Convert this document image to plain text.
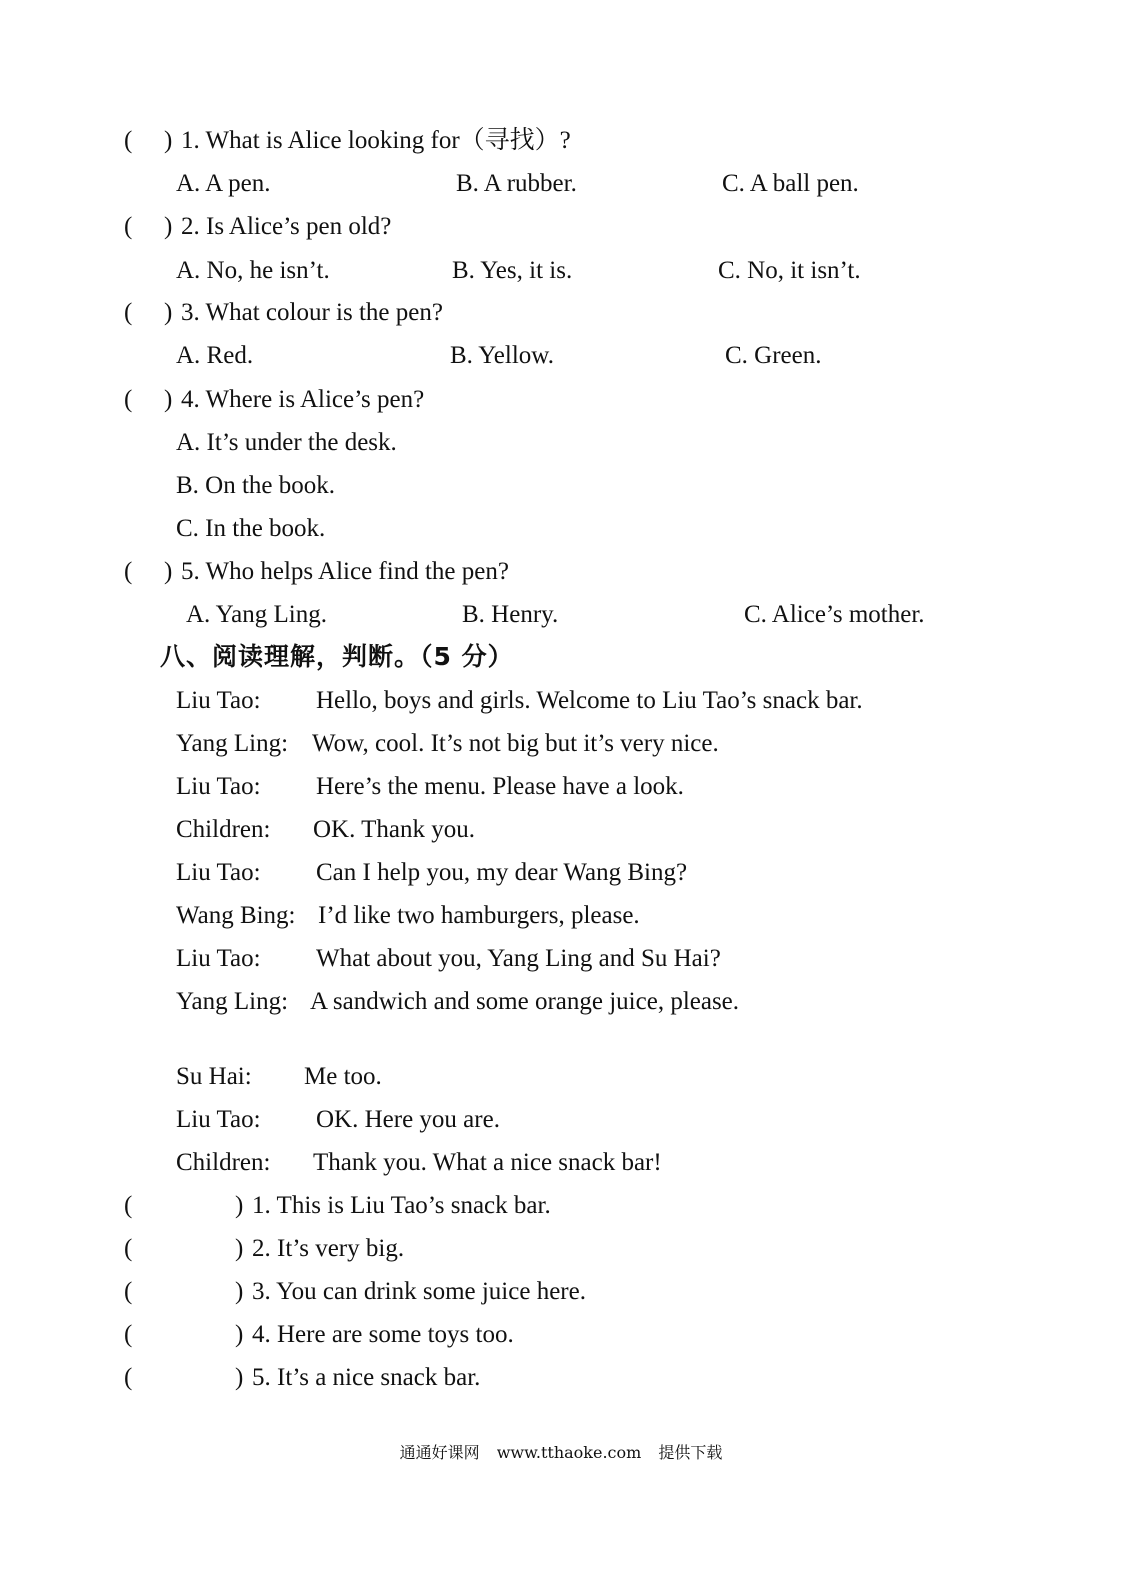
( ) 1. What is Alice looking for（寻找）?
A. A pen.	B. A rubber.	C. A ball pen.
( ) 2. Is Alice’s pen old?
A. No, he isn’t.	B. Yes, it is.	C. No, it isn’t.
( ) 3. What colour is the pen?
A. Red.	B. Yellow.	C. Green.
( ) 4. Where is Alice’s pen?
A. It’s under the desk.
B. On the book.
C. In the book.
( ) 5. Who helps Alice find the pen?
A. Yang Ling.	B. Henry.	C. Alice’s mother.
八、阅读理解，判断。（5 分）
Liu Tao: Hello, boys and girls. Welcome to Liu Tao’s snack bar.
Yang Ling: Wow, cool. It’s not big but it’s very nice.
Liu Tao: Here’s the menu. Please have a look.
Children: OK. Thank you.
Liu Tao: Can I help you, my dear Wang Bing?
Wang Bing: I’d like two hamburgers, please.
Liu Tao: What about you, Yang Ling and Su Hai?
Yang Ling: A sandwich and some orange juice, please.
Su Hai: Me too.
Liu Tao: OK. Here you are.
Children: Thank you. What a nice snack bar!
(	) 1. This is Liu Tao’s snack bar.
(	) 2. It’s very big.
(	) 3. You can drink some juice here.
(	) 4. Here are some toys too.
(	) 5. It’s a nice snack bar.
通通好课网 www.tthaoke.com 提供下载
